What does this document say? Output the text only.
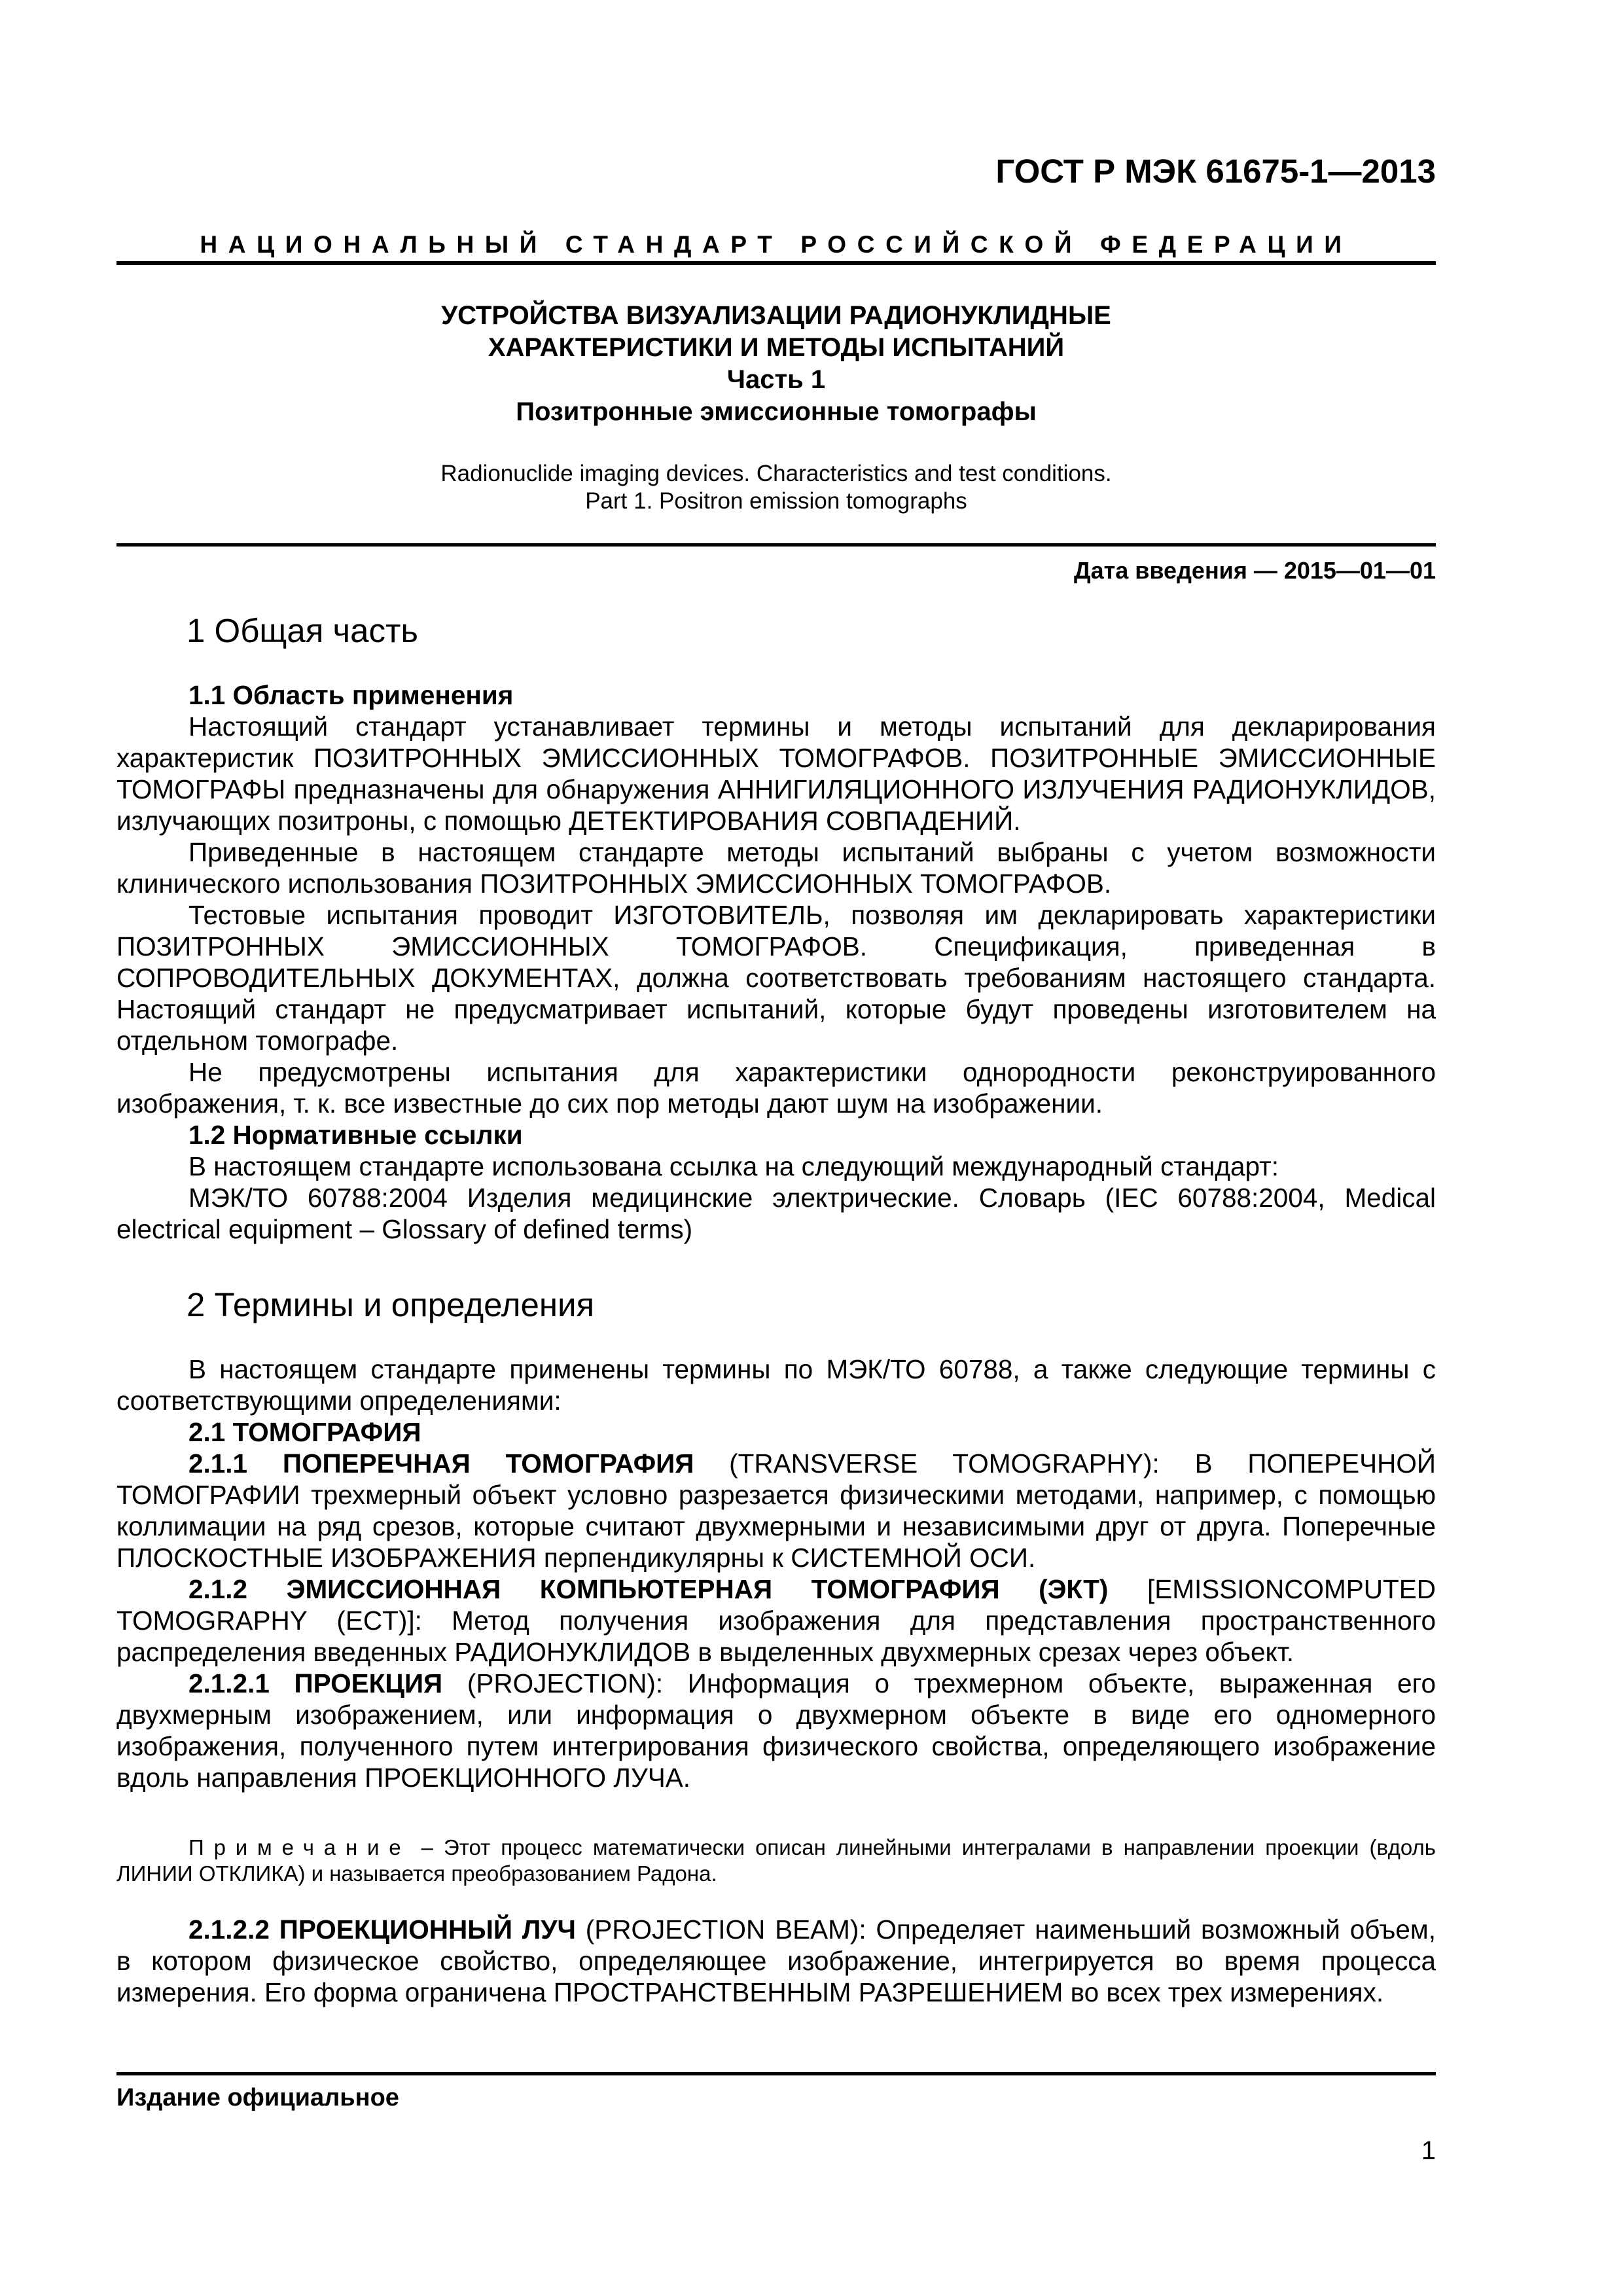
ГОСТ Р МЭК 61675-1—2013
НАЦИОНАЛЬНЫЙ СТАНДАРТ РОССИЙСКОЙ ФЕДЕРАЦИИ
УСТРОЙСТВА ВИЗУАЛИЗАЦИИ РАДИОНУКЛИДНЫЕ
ХАРАКТЕРИСТИКИ И МЕТОДЫ ИСПЫТАНИЙ
Часть 1
Позитронные эмиссионные томографы
Radionuclide imaging devices. Characteristics and test conditions.
Part 1. Positron emission tomographs
Дата введения — 2015—01—01
1 Общая часть

1.1 Область применения

Настоящий стандарт устанавливает термины и методы испытаний для декларирования характеристик ПОЗИТРОННЫХ ЭМИССИОННЫХ ТОМОГРАФОВ. ПОЗИТРОННЫЕ ЭМИССИОННЫЕ ТОМОГРАФЫ предназначены для обнаружения АННИГИЛЯЦИОННОГО ИЗЛУЧЕНИЯ РАДИОНУКЛИДОВ, излучающих позитроны, с помощью ДЕТЕКТИРОВАНИЯ СОВПАДЕНИЙ.

Приведенные в настоящем стандарте методы испытаний выбраны с учетом возможности клинического использования ПОЗИТРОННЫХ ЭМИССИОННЫХ ТОМОГРАФОВ.

Тестовые испытания проводит ИЗГОТОВИТЕЛЬ, позволяя им декларировать характеристики ПОЗИТРОННЫХ ЭМИССИОННЫХ ТОМОГРАФОВ. Спецификация, приведенная в СОПРОВОДИТЕЛЬНЫХ ДОКУМЕНТАХ, должна соответствовать требованиям настоящего стандарта. Настоящий стандарт не предусматривает испытаний, которые будут проведены изготовителем на отдельном томографе.

Не предусмотрены испытания для характеристики однородности реконструированного изображения, т. к. все известные до сих пор методы дают шум на изображении.

1.2 Нормативные ссылки

В настоящем стандарте использована ссылка на следующий международный стандарт:

МЭК/ТО 60788:2004 Изделия медицинские электрические. Словарь (IEC 60788:2004, Medical electrical equipment – Glossary of defined terms)

2 Термины и определения

В настоящем стандарте применены термины по МЭК/ТО 60788, а также следующие термины с соответствующими определениями:

2.1 ТОМОГРАФИЯ

2.1.1 ПОПЕРЕЧНАЯ ТОМОГРАФИЯ (TRANSVERSE TOMOGRAPHY): В ПОПЕРЕЧНОЙ ТОМОГРАФИИ трехмерный объект условно разрезается физическими методами, например, с помощью коллимации на ряд срезов, которые считают двухмерными и независимыми друг от друга. Поперечные ПЛОСКОСТНЫЕ ИЗОБРАЖЕНИЯ перпендикулярны к СИСТЕМНОЙ ОСИ.

2.1.2 ЭМИССИОННАЯ КОМПЬЮТЕРНАЯ ТОМОГРАФИЯ (ЭКТ) [EMISSIONCOMPUTED TOMOGRAPHY (ECT)]: Метод получения изображения для представления пространственного распределения введенных РАДИОНУКЛИДОВ в выделенных двухмерных срезах через объект.

2.1.2.1 ПРОЕКЦИЯ (PROJECTION): Информация о трехмерном объекте, выраженная его двухмерным изображением, или информация о двухмерном объекте в виде его одномерного изображения, полученного путем интегрирования физического свойства, определяющего изображение вдоль направления ПРОЕКЦИОННОГО ЛУЧА.

Примечание – Этот процесс математически описан линейными интегралами в направлении проекции (вдоль ЛИНИИ ОТКЛИКА) и называется преобразованием Радона.

2.1.2.2 ПРОЕКЦИОННЫЙ ЛУЧ (PROJECTION BEAM): Определяет наименьший возможный объем, в котором физическое свойство, определяющее изображение, интегрируется во время процесса измерения. Его форма ограничена ПРОСТРАНСТВЕННЫМ РАЗРЕШЕНИЕМ во всех трех измерениях.

Издание официальное
1
